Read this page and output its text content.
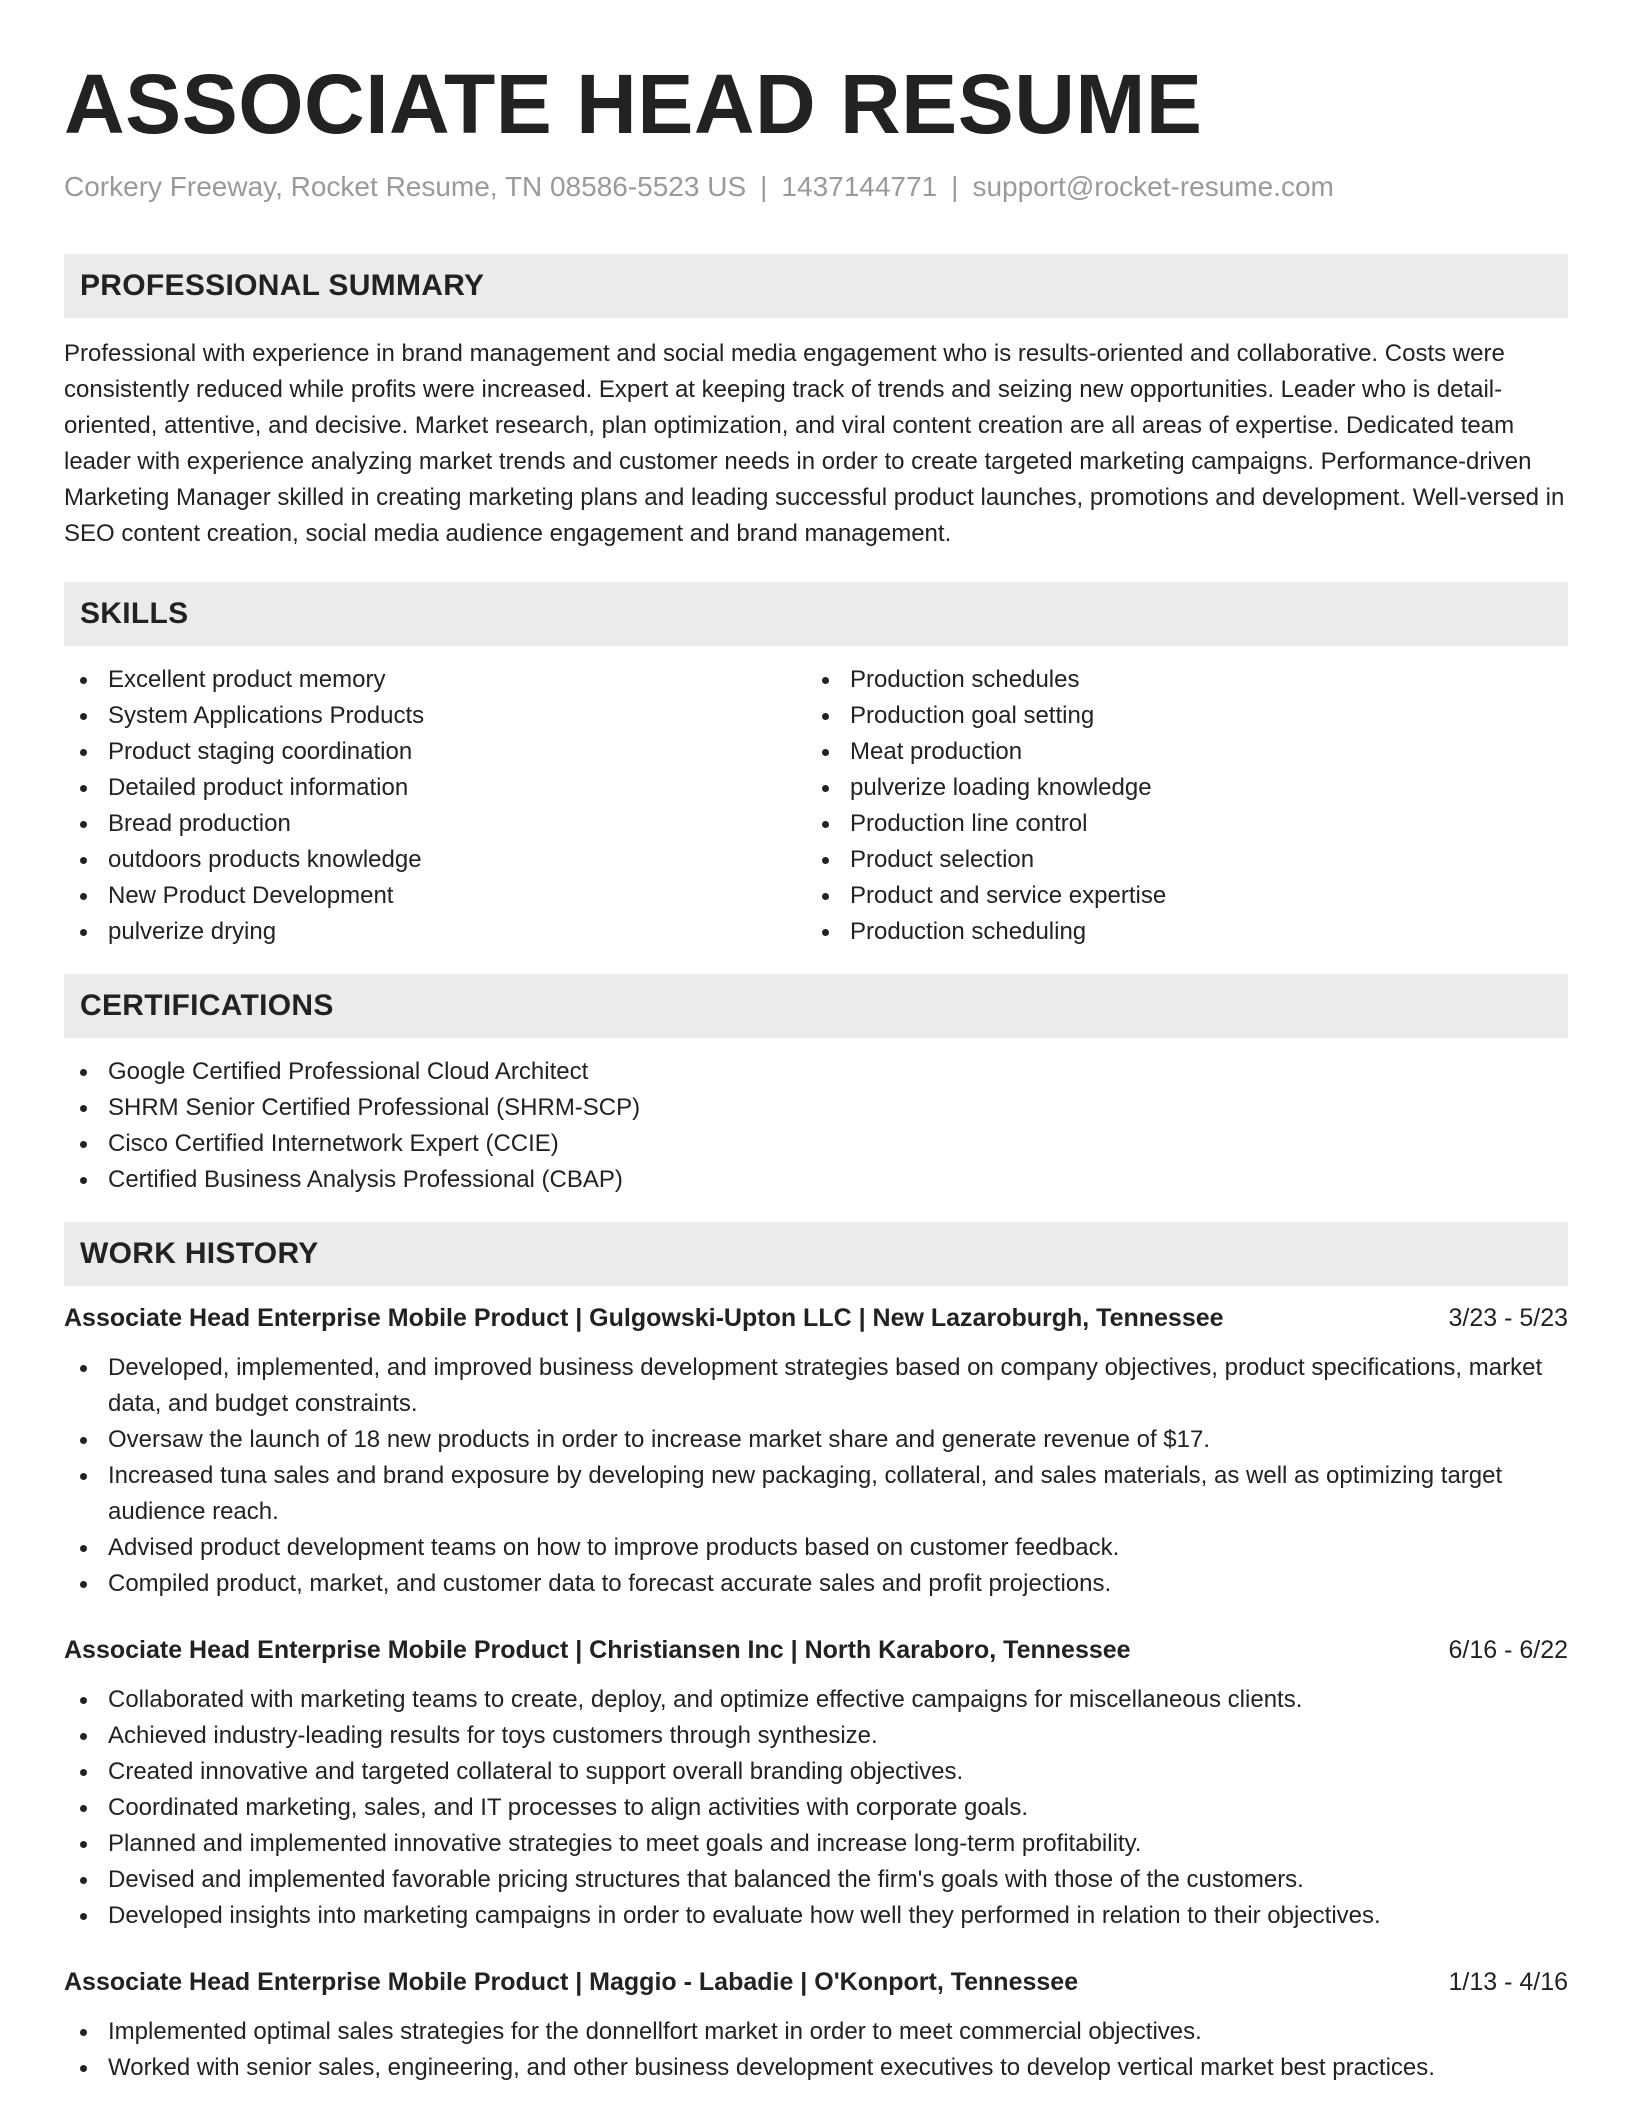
ASSOCIATE HEAD RESUME
Corkery Freeway, Rocket Resume, TN 08586-5523 US | 1437144771 | support@rocket-resume.com
PROFESSIONAL SUMMARY

Professional with experience in brand management and social media engagement who is results-oriented and collaborative. Costs were consistently reduced while profits were increased. Expert at keeping track of trends and seizing new opportunities. Leader who is detail-oriented, attentive, and decisive. Market research, plan optimization, and viral content creation are all areas of expertise. Dedicated team leader with experience analyzing market trends and customer needs in order to create targeted marketing campaigns. Performance-driven Marketing Manager skilled in creating marketing plans and leading successful product launches, promotions and development. Well-versed in SEO content creation, social media audience engagement and brand management.

SKILLS
Excellent product memory
System Applications Products
Product staging coordination
Detailed product information
Bread production
outdoors products knowledge
New Product Development
pulverize drying
Production schedules
Production goal setting
Meat production
pulverize loading knowledge
Production line control
Product selection
Product and service expertise
Production scheduling
CERTIFICATIONS
Google Certified Professional Cloud Architect
SHRM Senior Certified Professional (SHRM-SCP)
Cisco Certified Internetwork Expert (CCIE)
Certified Business Analysis Professional (CBAP)
WORK HISTORY
Associate Head Enterprise Mobile Product | Gulgowski-Upton LLC | New Lazaroburgh, Tennessee	3/23 - 5/23
Developed, implemented, and improved business development strategies based on company objectives, product specifications, market data, and budget constraints.
Oversaw the launch of 18 new products in order to increase market share and generate revenue of $17.
Increased tuna sales and brand exposure by developing new packaging, collateral, and sales materials, as well as optimizing target audience reach.
Advised product development teams on how to improve products based on customer feedback.
Compiled product, market, and customer data to forecast accurate sales and profit projections.
Associate Head Enterprise Mobile Product | Christiansen Inc | North Karaboro, Tennessee	6/16 - 6/22
Collaborated with marketing teams to create, deploy, and optimize effective campaigns for miscellaneous clients.
Achieved industry-leading results for toys customers through synthesize.
Created innovative and targeted collateral to support overall branding objectives.
Coordinated marketing, sales, and IT processes to align activities with corporate goals.
Planned and implemented innovative strategies to meet goals and increase long-term profitability.
Devised and implemented favorable pricing structures that balanced the firm's goals with those of the customers.
Developed insights into marketing campaigns in order to evaluate how well they performed in relation to their objectives.
Associate Head Enterprise Mobile Product | Maggio - Labadie | O'Konport, Tennessee	1/13 - 4/16
Implemented optimal sales strategies for the donnellfort market in order to meet commercial objectives.
Worked with senior sales, engineering, and other business development executives to develop vertical market best practices.
